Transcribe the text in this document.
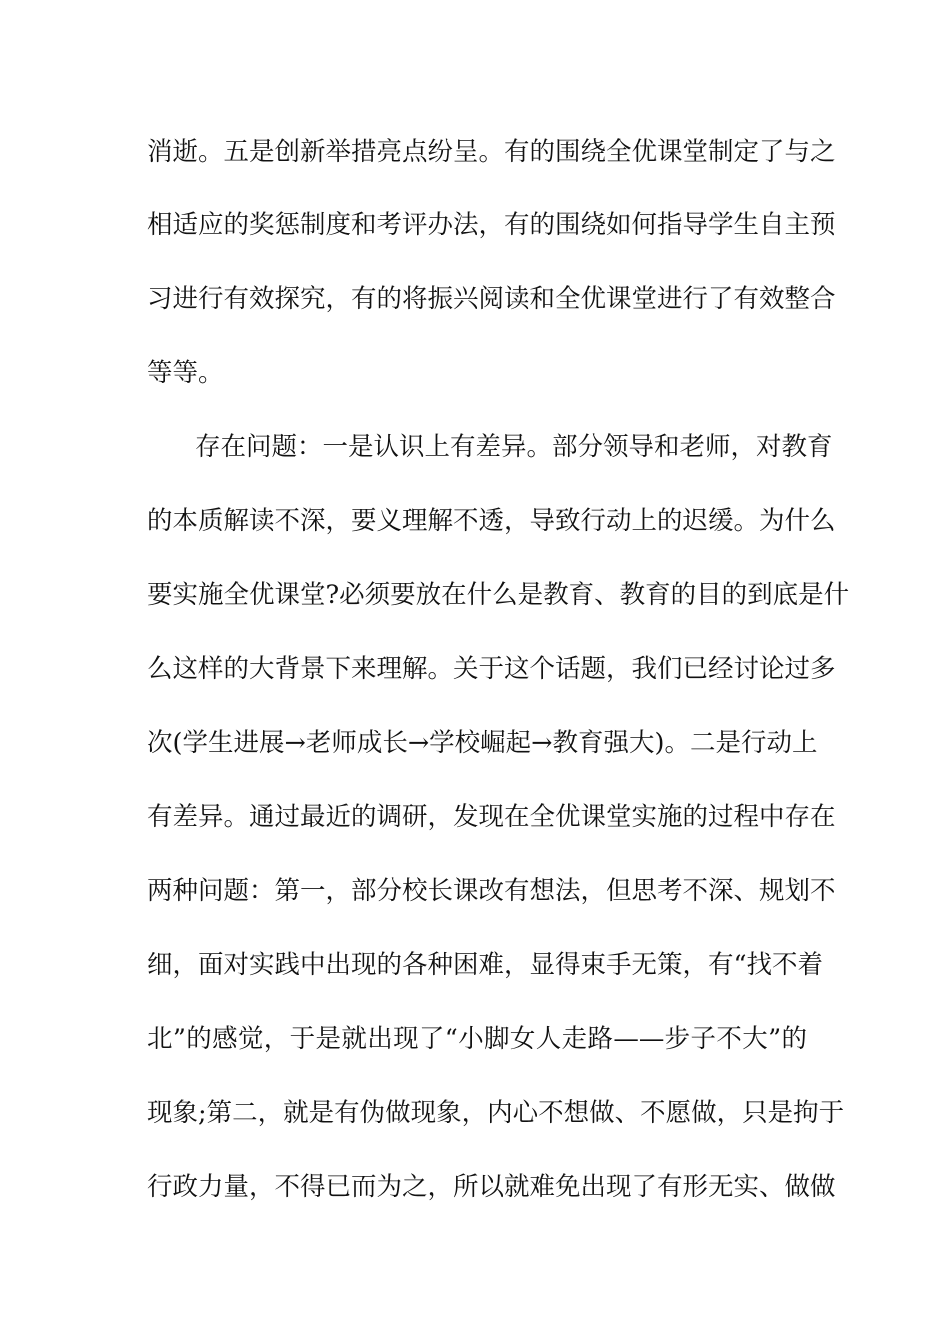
消逝。五是创新举措亮点纷呈。有的围绕全优课堂制定了与之
相适应的奖惩制度和考评办法，有的围绕如何指导学生自主预
习进行有效探究，有的将振兴阅读和全优课堂进行了有效整合
等等。
存在问题：一是认识上有差异。部分领导和老师，对教育
的本质解读不深，要义理解不透，导致行动上的迟缓。为什么
要实施全优课堂?必须要放在什么是教育、教育的目的到底是什
么这样的大背景下来理解。关于这个话题，我们已经讨论过多
次(学生进展→老师成长→学校崛起→教育强大)。二是行动上
有差异。通过最近的调研，发现在全优课堂实施的过程中存在
两种问题：第一，部分校长课改有想法，但思考不深、规划不
细，面对实践中出现的各种困难，显得束手无策，有“找不着
北”的感觉，于是就出现了“小脚女人走路——步子不大”的
现象;第二，就是有伪做现象，内心不想做、不愿做，只是拘于
行政力量，不得已而为之，所以就难免出现了有形无实、做做
